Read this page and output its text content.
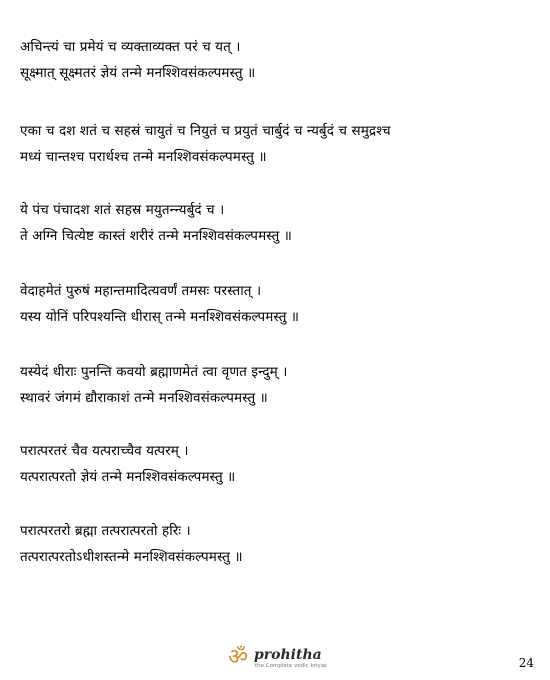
अचिन्त्यं चा प्रमेयं च व्यक्ताव्यक्त परं च यत् ।
सूक्ष्मात् सूक्ष्मतरं ज्ञेयं तन्मे मनश्शिवसंकल्पमस्तु ॥
एका च दश शतं च सहस्रं चायुतं च नियुतं च प्रयुतं चार्बुदं च न्यर्बुदं च समुद्रश्च
मध्यं चान्तश्च परार्धश्च तन्मे मनश्शिवसंकल्पमस्तु ॥
ये पंच पंचादश शतं सहस्र मयुतन्न्यर्बुदं च ।
ते अग्नि चित्येष्ट कास्तं शरीरं तन्मे मनश्शिवसंकल्पमस्तु ॥
वेदाहमेतं पुरुषं महान्तमादित्यवर्णं तमसः परस्तात् ।
यस्य योनिं परिपश्यन्ति धीरास् तन्मे मनश्शिवसंकल्पमस्तु ॥
यस्येदं धीराः पुनन्ति कवयो ब्रह्माणमेतं त्वा वृणत इन्दुम् ।
स्थावरं जंगमं द्यौराकाशं तन्मे मनश्शिवसंकल्पमस्तु ॥
परात्परतरं चैव यत्पराच्चैव यत्परम् ।
यत्परात्परतो ज्ञेयं तन्मे मनश्शिवसंकल्पमस्तु ॥
परात्परतरो ब्रह्मा तत्परात्परतो हरिः ।
तत्परात्परतोऽधीशस्तन्मे मनश्शिवसंकल्पमस्तु ॥
ॐ prohitha
the Complete vedic kriyas	24
